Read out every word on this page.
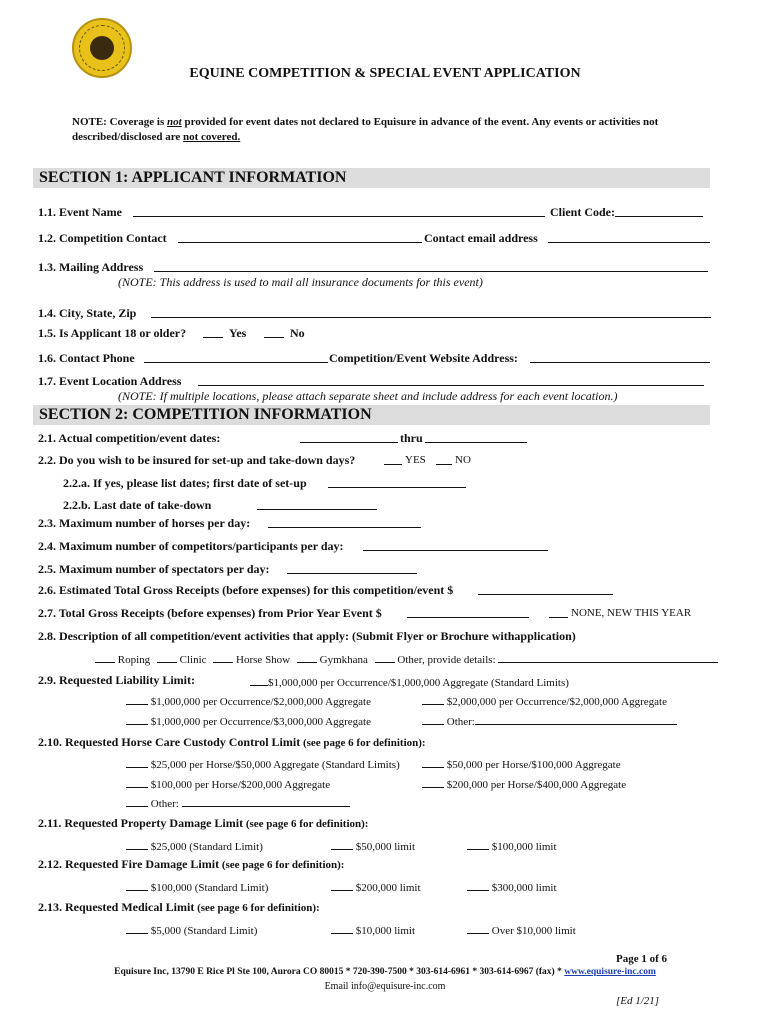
EQUINE COMPETITION & SPECIAL EVENT APPLICATION
NOTE: Coverage is not provided for event dates not declared to Equisure in advance of the event. Any events or activities not
described/disclosed are not covered.
SECTION 1: APPLICANT INFORMATION
1.1. Event Name	Client Code:
1.2. Competition Contact	Contact email address
1.3. Mailing Address
(NOTE: This address is used to mail all insurance documents for this event)
1.4. City, State, Zip
1.5. Is Applicant 18 or older?	Yes	No
1.6. Contact Phone	Competition/Event Website Address:
1.7. Event Location Address
(NOTE: If multiple locations, please attach separate sheet and include address for each event location.)
SECTION 2: COMPETITION INFORMATION
2.1. Actual competition/event dates:	thru
2.2. Do you wish to be insured for set-up and take-down days?	YES	NO
2.2.a. If yes, please list dates; first date of set-up
2.2.b. Last date of take-down
2.3. Maximum number of horses per day:
2.4. Maximum number of competitors/participants per day:
2.5. Maximum number of spectators per day:
2.6. Estimated Total Gross Receipts (before expenses) for this competition/event $
2.7. Total Gross Receipts (before expenses) from Prior Year Event $	NONE, NEW THIS YEAR
2.8. Description of all competition/event activities that apply: (Submit Flyer or Brochure withapplication)
Roping	Clinic	Horse Show	Gymkhana	Other, provide details:
2.9. Requested Liability Limit:	$1,000,000 per Occurrence/$1,000,000 Aggregate (Standard Limits)
$1,000,000 per Occurrence/$2,000,000 Aggregate	$2,000,000 per Occurrence/$2,000,000 Aggregate
$1,000,000 per Occurrence/$3,000,000 Aggregate	Other:
2.10. Requested Horse Care Custody Control Limit (see page 6 for definition):
$25,000 per Horse/$50,000 Aggregate (Standard Limits)	$50,000 per Horse/$100,000 Aggregate
$100,000 per Horse/$200,000 Aggregate	$200,000 per Horse/$400,000 Aggregate
Other:
2.11. Requested Property Damage Limit (see page 6 for definition):
$25,000 (Standard Limit)	$50,000 limit	$100,000 limit
2.12. Requested Fire Damage Limit (see page 6 for definition):
$100,000 (Standard Limit)	$200,000 limit	$300,000 limit
2.13. Requested Medical Limit (see page 6 for definition):
$5,000 (Standard Limit)	$10,000 limit	Over $10,000 limit
Page 1 of 6
Equisure Inc, 13790 E Rice Pl Ste 100, Aurora CO 80015 * 720-390-7500 * 303-614-6961 * 303-614-6967 (fax) * www.equisure-inc.com
Email info@equisure-inc.com
[Ed 1/21]
